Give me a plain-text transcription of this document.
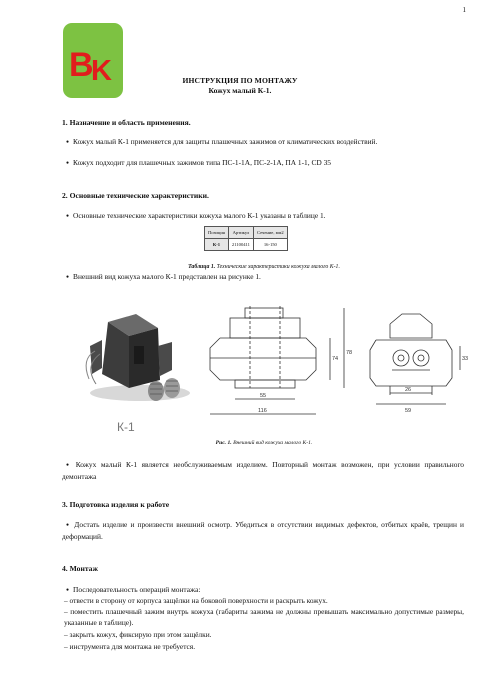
1
B
K	ИНСТРУКЦИЯ ПО МОНТАЖУ
Кожух малый К-1.
1. Назначение и область применения.
● Кожух малый К-1 применяется для защиты плашечных зажимов от климатических воздействий.
● Кожух подходит для плашечных зажимов типа ПС-1-1А, ПС-2-1А, ПА 1-1, CD 35
2. Основные технические характеристики.
● Основные технические характеристики кожуха малого К-1 указаны в таблице 1.
Позиция	Артикул	Сечение, мм2
К-1	21100411	16-150
Таблица 1. Технические характеристики кожуха малого К-1.
● Внешний вид кожуха малого К-1 представлен на рисунке 1.
К-1
55
116
74
78
26
59
33
Рис. 1. Внешний вид кожуха малого К-1.
● Кожух малый К-1 является необслуживаемым изделием. Повторный монтаж возможен, при условии правильного демонтажа
3. Подготовка изделия к работе
● Достать изделие и произвести внешний осмотр. Убедиться в отсутствии видимых дефектов, отбитых краёв, трещин и деформаций.
4. Монтаж
● Последовательность операций монтажа:
– отвести в сторону от корпуса защёлки на боковой поверхности и раскрыть кожух.
– поместить плашечный зажим внутрь кожуха (габариты зажима не должны превышать максимально допустимые размеры, указанные в таблице).
– закрыть кожух, фиксирую при этом защёлки.
– инструмента для монтажа не требуется.
